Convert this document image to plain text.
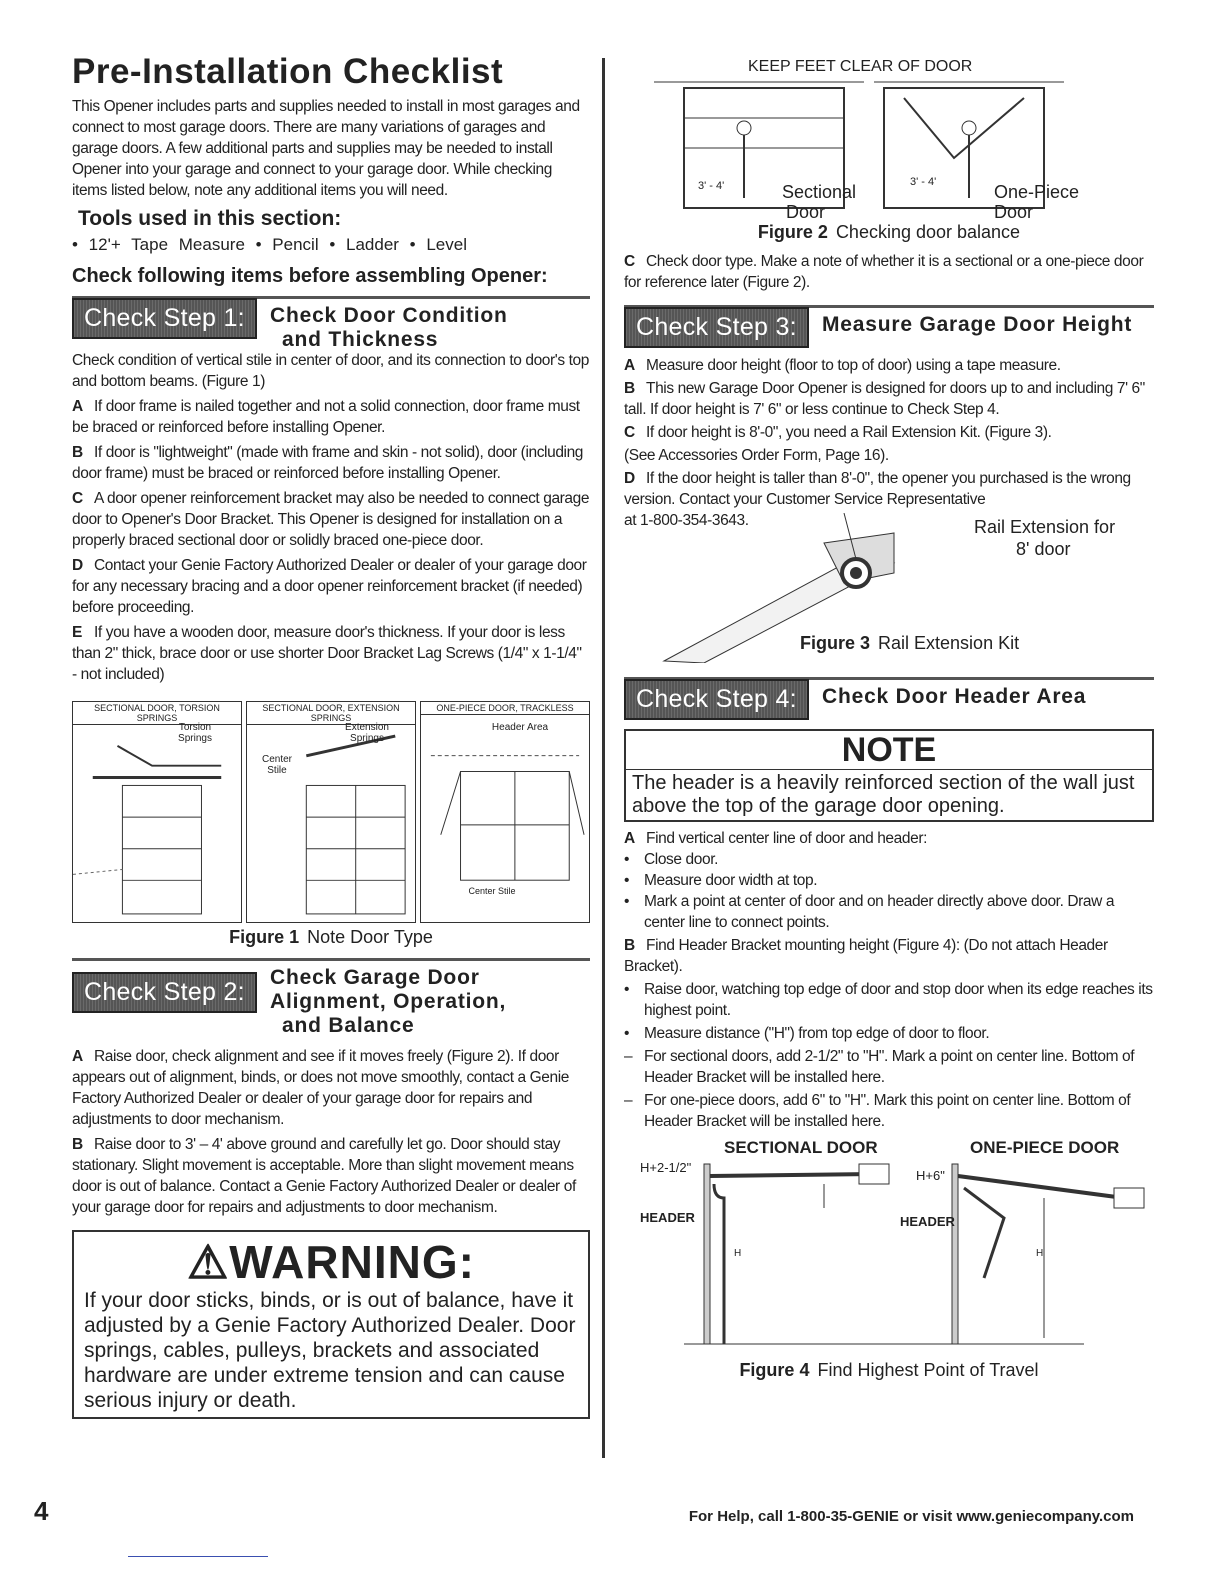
Pre-Installation Checklist
This Opener includes parts and supplies needed to install in most garages and connect to most garage doors. There are many variations of garages and garage doors. A few additional parts and supplies may be needed to install Opener into your garage and connect to your garage door. While checking items listed below, note any additional items you will need.
Tools used in this section:
• 12'+ Tape Measure • Pencil • Ladder • Level
Check following items before assembling Opener:
Check Step 1:	Check Door Condition
and Thickness

Check condition of vertical stile in center of door, and its connection to door's top and bottom beams. (Figure 1)

A If door frame is nailed together and not a solid connection, door frame must be braced or reinforced before installing Opener.

B If door is "lightweight" (made with frame and skin - not solid), door (including door frame) must be braced or reinforced before installing Opener.

C A door opener reinforcement bracket may also be needed to connect garage door to Opener's Door Bracket. This Opener is designed for installation on a properly braced sectional door or solidly braced one-piece door.

D Contact your Genie Factory Authorized Dealer or dealer of your garage door for any necessary bracing and a door opener reinforcement bracket (if needed) before proceeding.

E If you have a wooden door, measure door's thickness. If your door is less than 2" thick, brace door or use shorter Door Bracket Lag Screws (1/4" x 1-1/4" - not included)

SECTIONAL DOOR, TORSION SPRINGS
Torsion Springs
SECTIONAL DOOR, EXTENSION SPRINGS
Extension Springs
Center Stile
ONE-PIECE DOOR, TRACKLESS
Header Area
Center Stile
Figure 1 Note Door Type
Check Step 2:
Check Garage Door
Alignment, Operation,
and Balance

A Raise door, check alignment and see if it moves freely (Figure 2). If door appears out of alignment, binds, or does not move smoothly, contact a Genie Factory Authorized Dealer or dealer of your garage door for repairs and adjustments to door mechanism.

B Raise door to 3' – 4' above ground and carefully let go. Door should stay stationary. Slight movement is acceptable. More than slight movement means door is out of balance. Contact a Genie Factory Authorized Dealer or dealer of your garage door for repairs and adjustments to door mechanism.

⚠WARNING:
If your door sticks, binds, or is out of balance, have it adjusted by a Genie Factory Authorized Dealer. Door springs, cables, pulleys, brackets and associated hardware are under extreme tension and can cause serious injury or death.
KEEP FEET CLEAR OF DOOR
3' - 4'	3' - 4'
Sectional
Door
One-Piece
Door
Figure 2 Checking door balance

C Check door type. Make a note of whether it is a sectional or a one-piece door for reference later (Figure 2).

Check Step 3:	Measure Garage Door Height

A Measure door height (floor to top of door) using a tape measure.

B This new Garage Door Opener is designed for doors up to and including 7' 6" tall. If door height is 7' 6" or less continue to Check Step 4.

C If door height is 8'-0", you need a Rail Extension Kit. (Figure 3).

(See Accessories Order Form, Page 16).

D If the door height is taller than 8'-0", the opener you purchased is the wrong version. Contact your Customer Service Representative

at 1-800-354-3643.	Rail Extension for
8' door
Figure 3 Rail Extension Kit
Check Step 4:	Check Door Header Area
NOTE
The header is a heavily reinforced section of the wall just above the top of the garage door opening.

A Find vertical center line of door and header:

• Close door.

• Measure door width at top.

• Mark a point at center of door and on header directly above door. Draw a center line to connect points.

B Find Header Bracket mounting height (Figure 4): (Do not attach Header Bracket).

• Raise door, watching top edge of door and stop door when its edge reaches its highest point.

• Measure distance ("H") from top edge of door to floor.

– For sectional doors, add 2-1/2" to "H". Mark a point on center line. Bottom of Header Bracket will be installed here.

– For one-piece doors, add 6" to "H". Mark this point on center line. Bottom of Header Bracket will be installed here.

SECTIONAL DOOR	ONE-PIECE DOOR
H+2-1/2"
H+6"
HEADER	HEADER
H	H
Figure 4 Find Highest Point of Travel
4	For Help, call 1-800-35-GENIE or visit www.geniecompany.com
